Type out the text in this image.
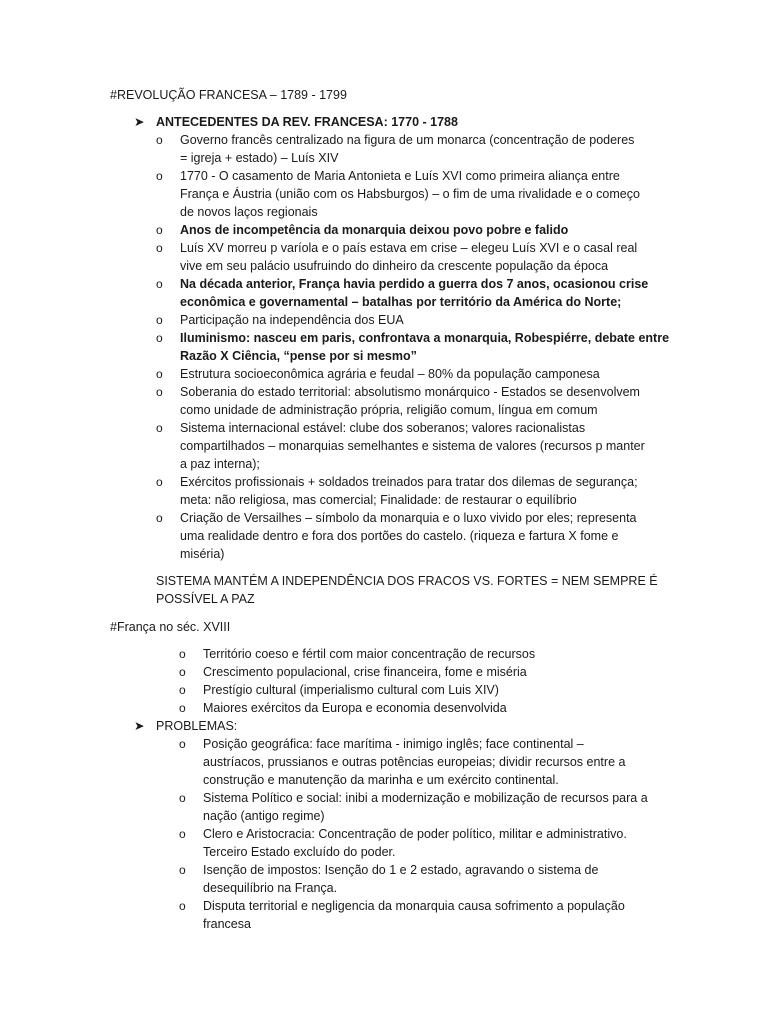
#REVOLUÇÃO FRANCESA – 1789 - 1799
➤ ANTECEDENTES DA REV. FRANCESA: 1770 - 1788
o Governo francês centralizado na figura de um monarca (concentração de poderes
= igreja + estado) – Luís XIV
o 1770 - O casamento de Maria Antonieta e Luís XVI como primeira aliança entre
França e Áustria (união com os Habsburgos) – o fim de uma rivalidade e o começo
de novos laços regionais
o Anos de incompetência da monarquia deixou povo pobre e falido
o Luís XV morreu p varíola e o país estava em crise – elegeu Luís XVI e o casal real
vive em seu palácio usufruindo do dinheiro da crescente população da época
o Na década anterior, França havia perdido a guerra dos 7 anos, ocasionou crise
econômica e governamental – batalhas por território da América do Norte;
o Participação na independência dos EUA
o Iluminismo: nasceu em paris, confrontava a monarquia, Robespiérre, debate entre
Razão X Ciência, “pense por si mesmo”
o Estrutura socioeconômica agrária e feudal – 80% da população camponesa
o Soberania do estado territorial: absolutismo monárquico - Estados se desenvolvem
como unidade de administração própria, religião comum, língua em comum
o Sistema internacional estável: clube dos soberanos; valores racionalistas
compartilhados – monarquias semelhantes e sistema de valores (recursos p manter
a paz interna);
o Exércitos profissionais + soldados treinados para tratar dos dilemas de segurança;
meta: não religiosa, mas comercial; Finalidade: de restaurar o equilíbrio
o Criação de Versailhes – símbolo da monarquia e o luxo vivido por eles; representa
uma realidade dentro e fora dos portões do castelo. (riqueza e fartura X fome e
miséria)
SISTEMA MANTÉM A INDEPENDÊNCIA DOS FRACOS VS. FORTES = NEM SEMPRE É
POSSÍVEL A PAZ
#França no séc. XVIII
o Território coeso e fértil com maior concentração de recursos
o Crescimento populacional, crise financeira, fome e miséria
o Prestígio cultural (imperialismo cultural com Luis XIV)
o Maiores exércitos da Europa e economia desenvolvida
➤ PROBLEMAS:
o Posição geográfica: face marítima - inimigo inglês; face continental –
austríacos, prussianos e outras potências europeias; dividir recursos entre a
construção e manutenção da marinha e um exército continental.
o Sistema Político e social: inibi a modernização e mobilização de recursos para a
nação (antigo regime)
o Clero e Aristocracia: Concentração de poder político, militar e administrativo.
Terceiro Estado excluído do poder.
o Isenção de impostos: Isenção do 1 e 2 estado, agravando o sistema de
desequilíbrio na França.
o Disputa territorial e negligencia da monarquia causa sofrimento a população
francesa
